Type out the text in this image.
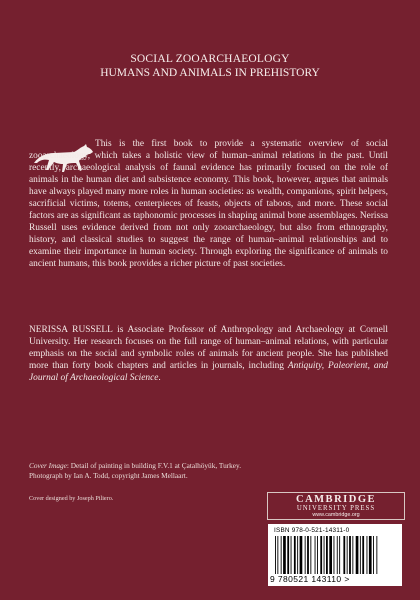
SOCIAL ZOOARCHAEOLOGY
HUMANS AND ANIMALS IN PREHISTORY

This is the first book to provide a systematic overview of social zooarchaeology, which takes a holistic view of human–animal relations in the past. Until recently, archaeological analysis of faunal evidence has primarily focused on the role of animals in the human diet and subsistence economy. This book, however, argues that animals have always played many more roles in human societies: as wealth, companions, spirit helpers, sacrificial victims, totems, centerpieces of feasts, objects of taboos, and more. These social factors are as significant as taphonomic processes in shaping animal bone assemblages. Nerissa Russell uses evidence derived from not only zooarchaeology, but also from ethnography, history, and classical studies to suggest the range of human–animal relationships and to examine their importance in human society. Through exploring the significance of animals to ancient humans, this book provides a richer picture of past societies.

NERISSA RUSSELL is Associate Professor of Anthropology and Archaeology at Cornell University. Her research focuses on the full range of human–animal relations, with particular emphasis on the social and symbolic roles of animals for ancient people. She has published more than forty book chapters and articles in journals, including Antiquity, Paleorient, and Journal of Archaeological Science.

Cover Image: Detail of painting in building F.V.1 at Çatalhöyük, Turkey.
Photograph by Ian A. Todd, copyright James Mellaart.

Cover designed by Joseph Piliero.	CAMBRIDGE
UNIVERSITY PRESS
www.cambridge.org
ISBN 978-0-521-14311-0
9 780521 143110 >
